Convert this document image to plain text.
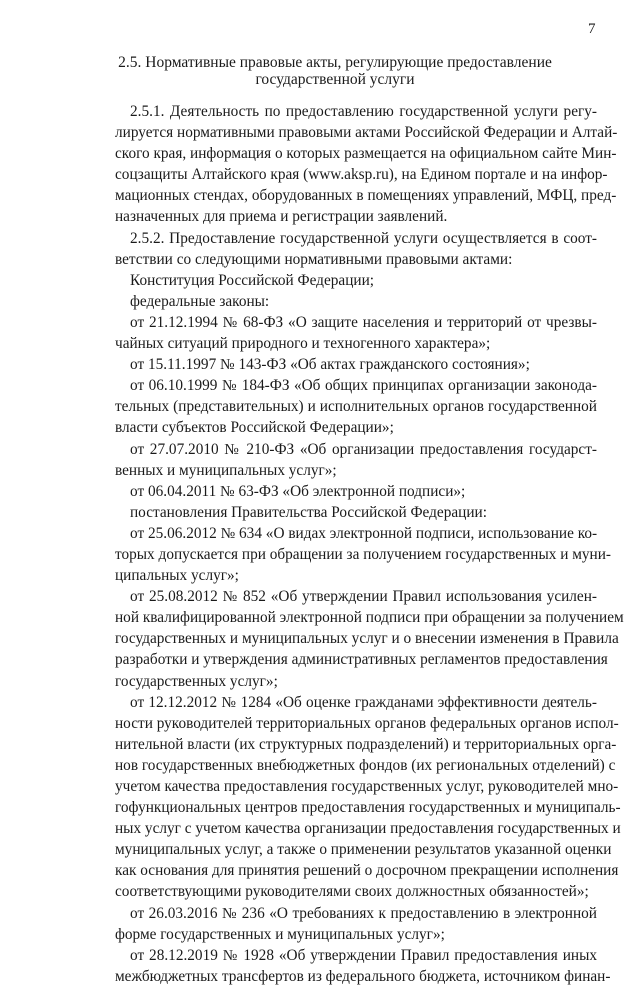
7
2.5. Нормативные правовые акты, регулирующие предоставление
государственной услуги
2.5.1. Деятельность по предоставлению государственной услуги регу-
лируется нормативными правовыми актами Российской Федерации и Алтай-
ского края, информация о которых размещается на официальном сайте Мин-
соцзащиты Алтайского края (www.aksp.ru), на Едином портале и на инфор-
мационных стендах, оборудованных в помещениях управлений, МФЦ, пред-
назначенных для приема и регистрации заявлений.
2.5.2. Предоставление государственной услуги осуществляется в соот-
ветствии со следующими нормативными правовыми актами:
Конституция Российской Федерации;
федеральные законы:
от 21.12.1994 № 68-ФЗ «О защите населения и территорий от чрезвы-
чайных ситуаций природного и техногенного характера»;
от 15.11.1997 № 143-ФЗ «Об актах гражданского состояния»;
от 06.10.1999 № 184-ФЗ «Об общих принципах организации законода-
тельных (представительных) и исполнительных органов государственной
власти субъектов Российской Федерации»;
от 27.07.2010 № 210-ФЗ «Об организации предоставления государст-
венных и муниципальных услуг»;
от 06.04.2011 № 63-ФЗ «Об электронной подписи»;
постановления Правительства Российской Федерации:
от 25.06.2012 № 634 «О видах электронной подписи, использование ко-
торых допускается при обращении за получением государственных и муни-
ципальных услуг»;
от 25.08.2012 № 852 «Об утверждении Правил использования усилен-
ной квалифицированной электронной подписи при обращении за получением
государственных и муниципальных услуг и о внесении изменения в Правила
разработки и утверждения административных регламентов предоставления
государственных услуг»;
от 12.12.2012 № 1284 «Об оценке гражданами эффективности деятель-
ности руководителей территориальных органов федеральных органов испол-
нительной власти (их структурных подразделений) и территориальных орга-
нов государственных внебюджетных фондов (их региональных отделений) с
учетом качества предоставления государственных услуг, руководителей мно-
гофункциональных центров предоставления государственных и муниципаль-
ных услуг с учетом качества организации предоставления государственных и
муниципальных услуг, а также о применении результатов указанной оценки
как основания для принятия решений о досрочном прекращении исполнения
соответствующими руководителями своих должностных обязанностей»;
от 26.03.2016 № 236 «О требованиях к предоставлению в электронной
форме государственных и муниципальных услуг»;
от 28.12.2019 № 1928 «Об утверждении Правил предоставления иных
межбюджетных трансфертов из федерального бюджета, источником финан-
